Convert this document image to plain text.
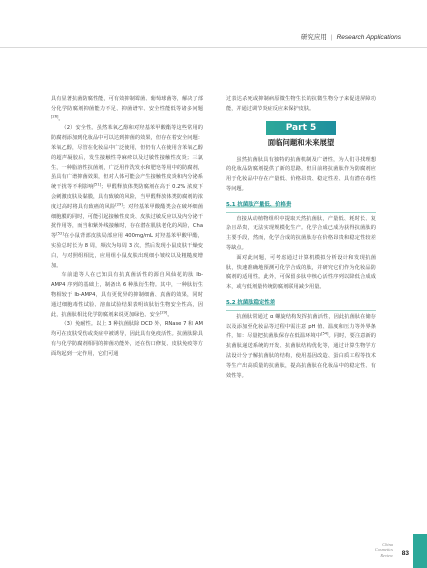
研究应用 | Research Applications

具有显著抗菌防腐性能，可有效抑制霉菌、葡萄球菌等，解决了部分化学防腐剂抑菌能力不足、抑菌谱窄、安全性能低等诸多问题[26]。

（2）安全性。虽然苯氧乙醇和对羟基苯甲酸酯等这些常用的防腐剂添加到化妆品中可以达到抑菌的效果，但存在着安全问题：苯氧乙醇，尽管在化妆品中广泛使用，但仍有人在使用含苯氧乙醇的超声凝胶后，发生接触性荨麻疹以及过敏性接触性皮炎；三氯生，一种脂溶性抗菌剂，广泛用作洗发水和肥皂等用中的防腐剂，虽具有广谱抑菌效果，但对人体可能会产生接触性皮炎和内分泌系统干扰等不利影响[51]；甲醛释放体类防腐剂在高于 0.2% 浓度下会刺激皮肤及黏膜，具有致敏的风险，当甲醛释放体类防腐剂的浓度过高时将具有致癌的风险[29]；对羟基苯甲酸酯类会在破坏细菌细胞膜的同时，可能引起接触性皮炎、皮肤过敏反应以及内分泌干扰作用等，而当和紫外线接触时，存在潜在肌肤老化的风险，Cha 等[52]在小鼠背部皮肤局部应用 400mg/mL 对羟基苯甲酸甲酯，实验总时长为 8 周，频次为每周 3 次，然后发现小鼠皮肤干燥变白，与对照组相比，应用组小鼠皮肤出现细小皱纹以及粗糙度增加。

车前道等人在已知具有抗真菌活性的源自风仙花的肽 Ib-AMP4 序列的基础上，制备出 6 种肽衍生物。其中，一种肽衍生物相较于 Ib-AMP4，具有更优异的抑制细菌、真菌的效果，同时通过细胞毒性试验、溶血试验结果表明该肽衍生物安全性高，因此，抗菌肽相比化学防腐剂来说更加绿色、安全[29]。

（3）免耐性。以上 3 种抗菌肽除 DCD 外，RNase 7 和 AM 均可在皮肤受伤或炎症中被诱导，因此具有免疫活性。抗菌肽除具有与化学防腐剂相同的抑菌功能外，还在伤口修复、皮肤免疫等方面均起到一定作用，它们可通

过表达杀死或抑制病原微生物生长的抗微生物分子来促进屏障功能，并通过调节炎症反应来保护皮肤。

Part 5
面临问题和未来展望

虽然抗菌肽具有独特的抗菌机制及广谱性，为人们寻找理想的化妆品防腐剂提供了新的思路，但目前将抗菌肽作为防腐剂应用于化妆品中存在产量低、价格昂贵、稳定性差、具有潜在毒性等问题。

5.1 抗菌肽产量低、价格贵

直接从动植物组织中提取天然抗菌肽，产量低、耗时长、复杂且昂贵，无法实现规模化生产。化学合成已成为获得抗菌肽的主要手段，然而，化学合成的抗菌肽存在价格昂贵和稳定性较差等缺点。

面对此问题，可考虑通过计算机模拟分析设计和发现抗菌肽，快速准确地预测可化学合成的肽，并研究它们作为化妆品防腐剂的适用性。此外，可保留多肽中核心活性序列以降低合成成本，或与低剂量传统防腐剂联用减少用量。

5.2 抗菌肽稳定性差

抗菌肽常通过 α 螺旋结构发挥抗菌活性，因此抗菌肽在储存以及添加至化妆品等过程中需注意 pH 值、温度和压力等外界条件，如：尽量把抗菌肽保存在低温环境中[54]。同时，要注意新的抗菌肽递送系统的开发、抗菌肽结构优化等，通过计算生物学方法设计分子解抗菌肽的结构，使用基因改造、蛋白质工程等技术等生产出高质量的抗菌肽，提高抗菌肽在化妆品中的稳定性、有效性等。

China
Cosmetics
Review 83
